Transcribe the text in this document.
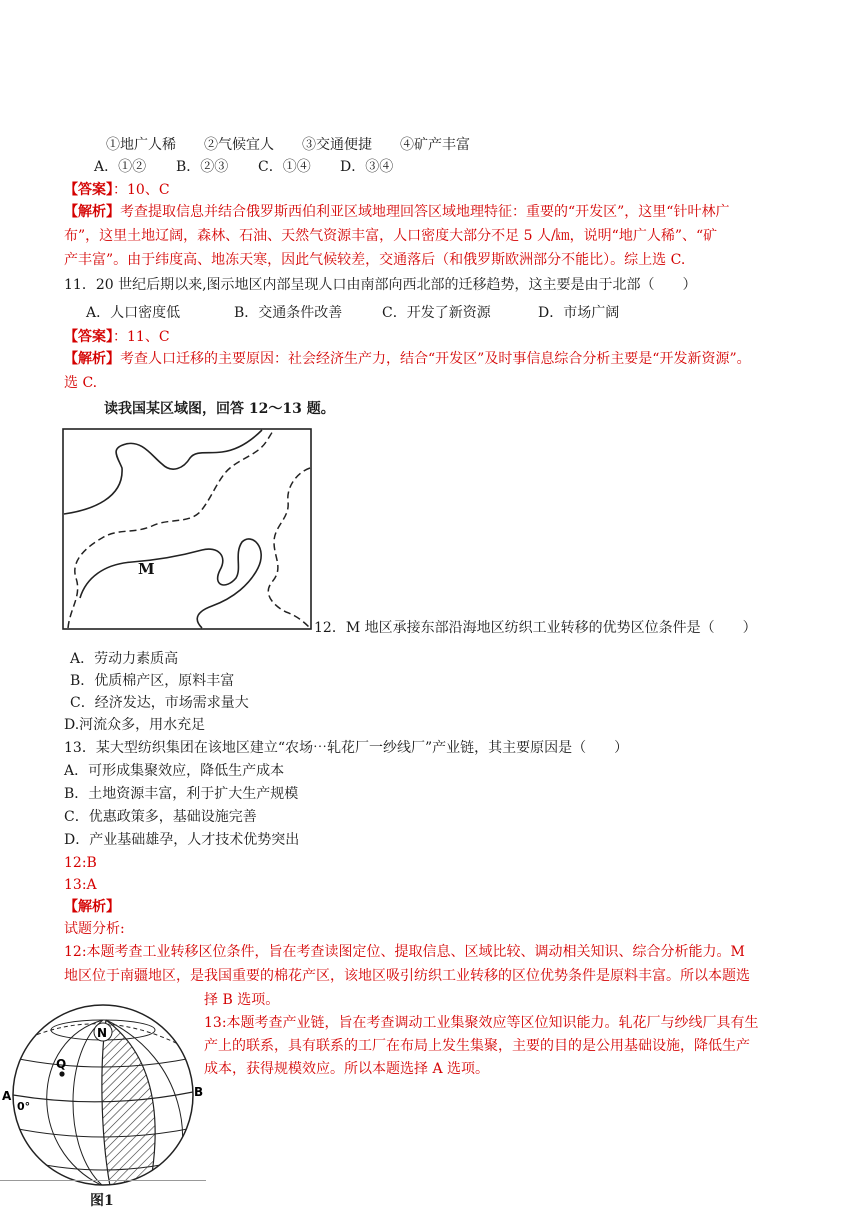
①地广人稀　　②气候宜人　　③交通便捷　　④矿产丰富
A．①② B．②③ C．①④ D．③④
【答案】：10、C
【解析】考查提取信息并结合俄罗斯西伯利亚区域地理回答区域地理特征：重要的“开发区”，这里“针叶林广
布”，这里土地辽阔，森林、石油、天然气资源丰富，人口密度大部分不足 5 人/㎞，说明“地广人稀”、“矿
产丰富”。由于纬度高、地冻天寒，因此气候较差，交通落后（和俄罗斯欧洲部分不能比）。综上选 C.
11．20 世纪后期以来,图示地区内部呈现人口由南部向西北部的迁移趋势，这主要是由于北部（　　）
A．人口密度低	B．交通条件改善	C．开发了新资源	D．市场广阔
【答案】：11、C
【解析】考查人口迁移的主要原因：社会经济生产力，结合“开发区”及时事信息综合分析主要是“开发新资源”。
选 C.
读我国某区域图，回答 12～13 题。
M
12．M 地区承接东部沿海地区纺织工业转移的优势区位条件是（　　）
A．劳动力素质高
B．优质棉产区，原料丰富
C．经济发达，市场需求量大
D.河流众多，用水充足
13．某大型纺织集团在该地区建立“农场⋯轧花厂一纱线厂”产业链，其主要原因是（　　）
A．可形成集聚效应，降低生产成本
B．土地资源丰富，利于扩大生产规模
C．优惠政策多，基础设施完善
D．产业基础雄孕，人才技术优势突出
12:B
13:A
【解析】
试题分析:
12:本题考查工业转移区位条件，旨在考查读图定位、提取信息、区域比较、调动相关知识、综合分析能力。M
地区位于南疆地区，是我国重要的棉花产区，该地区吸引纺织工业转移的区位优势条件是原料丰富。所以本题选
择 B 选项。
13:本题考查产业链，旨在考查调动工业集聚效应等区位知识能力。轧花厂与纱线厂具有生
产上的联系，具有联系的工厂在布局上发生集聚，主要的目的是公用基础设施，降低生产
成本，获得规模效应。所以本题选择 A 选项。
N
Q
A
0°
B
图1
